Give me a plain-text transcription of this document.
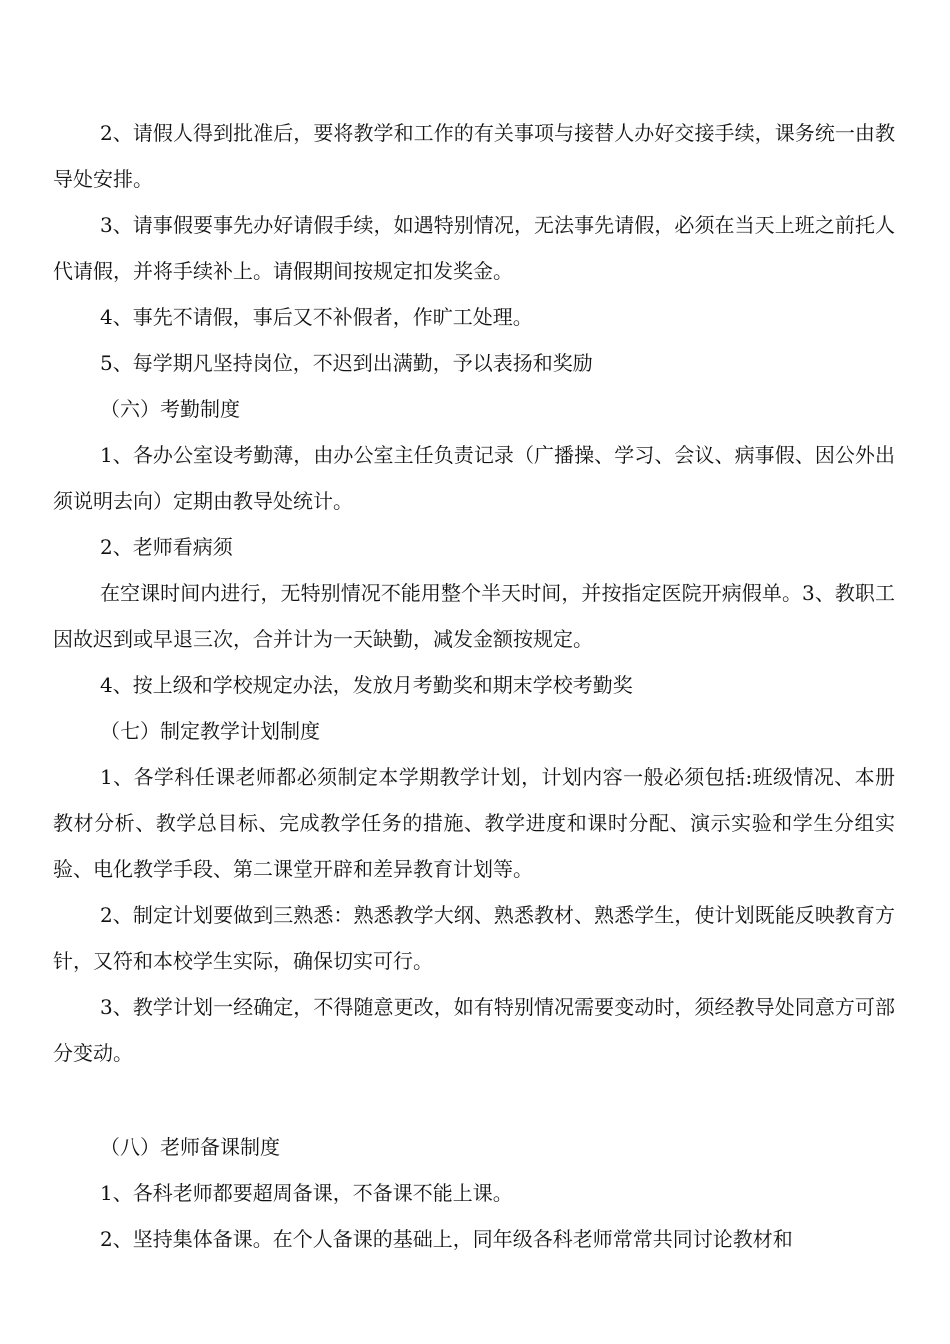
2、请假人得到批准后，要将教学和工作的有关事项与接替人办好交接手续，课务统一由教导处安排。
3、请事假要事先办好请假手续，如遇特别情况，无法事先请假，必须在当天上班之前托人代请假，并将手续补上。请假期间按规定扣发奖金。
4、事先不请假，事后又不补假者，作旷工处理。
5、每学期凡坚持岗位，不迟到出满勤，予以表扬和奖励
（六）考勤制度
1、各办公室设考勤薄，由办公室主任负责记录（广播操、学习、会议、病事假、因公外出须说明去向）定期由教导处统计。
2、老师看病须
在空课时间内进行，无特别情况不能用整个半天时间，并按指定医院开病假单。3、教职工因故迟到或早退三次，合并计为一天缺勤，减发金额按规定。
4、按上级和学校规定办法，发放月考勤奖和期末学校考勤奖
（七）制定教学计划制度
1、各学科任课老师都必须制定本学期教学计划，计划内容一般必须包括:班级情况、本册教材分析、教学总目标、完成教学任务的措施、教学进度和课时分配、演示实验和学生分组实验、电化教学手段、第二课堂开辟和差异教育计划等。
2、制定计划要做到三熟悉：熟悉教学大纲、熟悉教材、熟悉学生，使计划既能反映教育方针，又符和本校学生实际，确保切实可行。
3、教学计划一经确定，不得随意更改，如有特别情况需要变动时，须经教导处同意方可部分变动。
（八）老师备课制度
1、各科老师都要超周备课，不备课不能上课。
2、坚持集体备课。在个人备课的基础上，同年级各科老师常常共同讨论教材和
